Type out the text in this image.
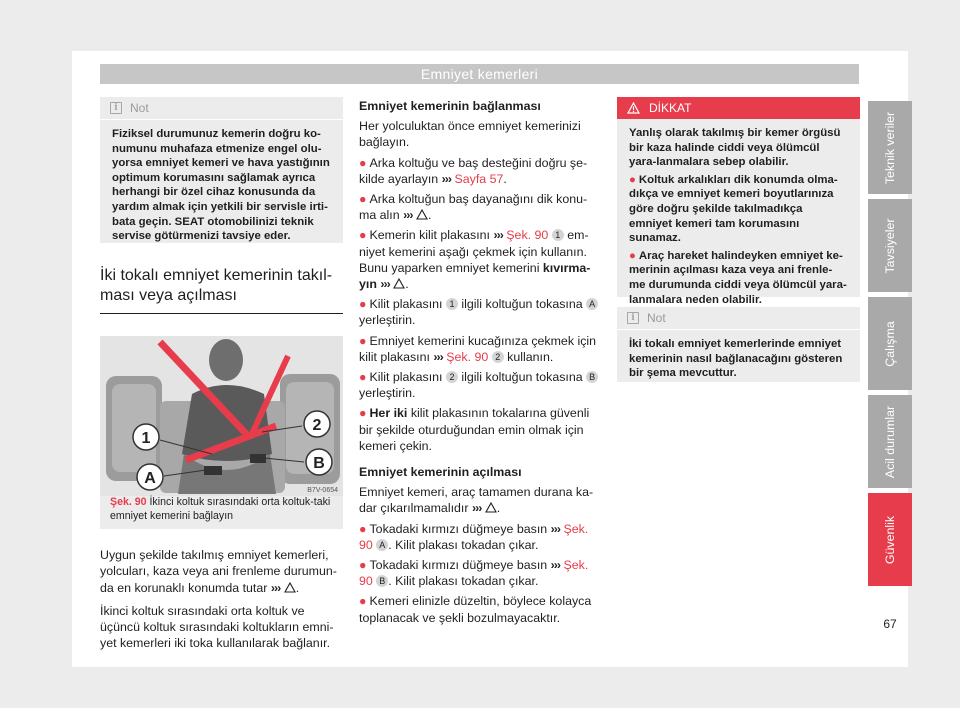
Emniyet kemerleri
i	Not
Fiziksel durumunuz kemerin doğru ko-numunu muhafaza etmenize engel olu-yorsa emniyet kemeri ve hava yastığının optimum korumasını sağlamak ayrıca herhangi bir özel cihaz konusunda da yardım almak için yetkili bir servisle irti-bata geçin. SEAT otomobilinizi teknik servise götürmenizi tavsiye eder.
İki tokalı emniyet kemerinin takıl-ması veya açılması
1
2
A
B
B7V-0654
Şek. 90 İkinci koltuk sırasındaki orta koltuk-taki emniyet kemerini bağlayın

Uygun şekilde takılmış emniyet kemerleri, yolcuları, kaza veya ani frenleme durumun-da en korunaklı konumda tutar ››› .

İkinci koltuk sırasındaki orta koltuk ve üçüncü koltuk sırasındaki koltukların emni-yet kemerleri iki toka kullanılarak bağlanır.

Emniyet kemerinin bağlanması

Her yolculuktan önce emniyet kemerinizi bağlayın.

● Arka koltuğu ve baş desteğini doğru şe-kilde ayarlayın ››› Sayfa 57.

● Arka koltuğun baş dayanağını dik konu-ma alın ››› .

● Kemerin kilit plakasını ››› Şek. 90 1 em-niyet kemerini aşağı çekmek için kullanın. Bunu yaparken emniyet kemerini kıvırma-yın ››› .

● Kilit plakasını 1 ilgili koltuğun tokasına A yerleştirin.

● Emniyet kemerini kucağınıza çekmek için kilit plakasını ››› Şek. 90 2 kullanın.

● Kilit plakasını 2 ilgili koltuğun tokasına B yerleştirin.

● Her iki kilit plakasının tokalarına güvenli bir şekilde oturduğundan emin olmak için kemeri çekin.

Emniyet kemerinin açılması

Emniyet kemeri, araç tamamen durana ka-dar çıkarılmamalıdır ››› .

● Tokadaki kırmızı düğmeye basın ››› Şek. 90 A . Kilit plakası tokadan çıkar.

● Tokadaki kırmızı düğmeye basın ››› Şek. 90 B . Kilit plakası tokadan çıkar.

● Kemeri elinizle düzeltin, böylece kolayca toplanacak ve şekli bozulmayacaktır.

DİKKAT

Yanlış olarak takılmış bir kemer örgüsü bir kaza halinde ciddi veya ölümcül yara-lanmalara sebep olabilir.

● Koltuk arkalıkları dik konumda olma-dıkça ve emniyet kemeri boyutlarınıza göre doğru şekilde takılmadıkça emniyet kemeri tam korumasını sunamaz.

● Araç hareket halindeyken emniyet ke-merinin açılması kaza veya ani frenle-me durumunda ciddi veya ölümcül yara-lanmalara neden olabilir.

i	Not
İki tokalı emniyet kemerlerinde emniyet kemerinin nasıl bağlanacağını gösteren bir şema mevcuttur.
Teknik veriler
Tavsiyeler
Çalışma
Acil durumlar
Güvenlik
67
